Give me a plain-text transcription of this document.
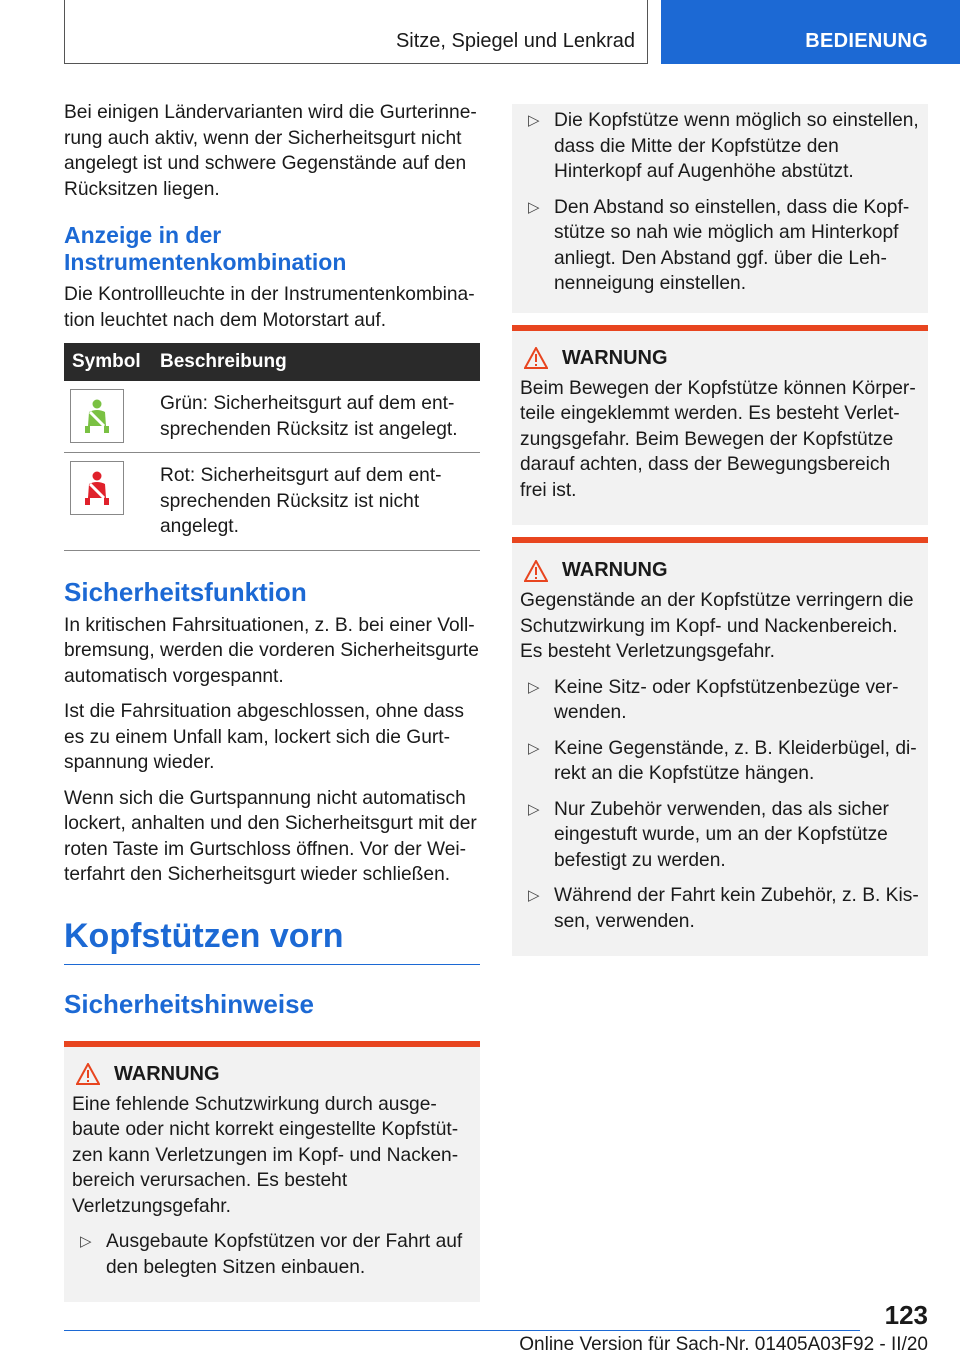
Sitze, Spiegel und Lenkrad	BEDIENUNG

Bei einigen Ländervarianten wird die Gurterinnerung auch aktiv, wenn der Sicherheitsgurt nicht angelegt ist und schwere Gegenstände auf den Rücksitzen liegen.

Anzeige in der Instrumentenkombination

Die Kontrollleuchte in der Instrumentenkombination leuchtet nach dem Motorstart auf.

Symbol	Beschreibung

	Grün: Sicherheitsgurt auf dem entsprechenden Rücksitz ist angelegt.

	Rot: Sicherheitsgurt auf dem entsprechenden Rücksitz ist nicht angelegt.
Sicherheitsfunktion

In kritischen Fahrsituationen, z. B. bei einer Vollbremsung, werden die vorderen Sicherheitsgurte automatisch vorgespannt.

Ist die Fahrsituation abgeschlossen, ohne dass es zu einem Unfall kam, lockert sich die Gurtspannung wieder.

Wenn sich die Gurtspannung nicht automatisch lockert, anhalten und den Sicherheitsgurt mit der roten Taste im Gurtschloss öffnen. Vor der Weiterfahrt den Sicherheitsgurt wieder schließen.

Kopfstützen vorn
Sicherheitshinweise
WARNUNG

Eine fehlende Schutzwirkung durch ausgebaute oder nicht korrekt eingestellte Kopfstützen kann Verletzungen im Kopf- und Nackenbereich verursachen. Es besteht Verletzungsgefahr.

▷ Ausgebaute Kopfstützen vor der Fahrt auf den belegten Sitzen einbauen.
▷ Die Kopfstütze wenn möglich so einstellen, dass die Mitte der Kopfstütze den Hinterkopf auf Augenhöhe abstützt.
▷ Den Abstand so einstellen, dass die Kopfstütze so nah wie möglich am Hinterkopf anliegt. Den Abstand ggf. über die Lehnenneigung einstellen.
WARNUNG

Beim Bewegen der Kopfstütze können Körperteile eingeklemmt werden. Es besteht Verletzungsgefahr. Beim Bewegen der Kopfstütze darauf achten, dass der Bewegungsbereich frei ist.

WARNUNG

Gegenstände an der Kopfstütze verringern die Schutzwirkung im Kopf- und Nackenbereich. Es besteht Verletzungsgefahr.

▷ Keine Sitz- oder Kopfstützenbezüge verwenden.
▷ Keine Gegenstände, z. B. Kleiderbügel, direkt an die Kopfstütze hängen.
▷ Nur Zubehör verwenden, das als sicher eingestuft wurde, um an der Kopfstütze befestigt zu werden.
▷ Während der Fahrt kein Zubehör, z. B. Kissen, verwenden.
123
Online Version für Sach-Nr. 01405A03F92 - II/20
